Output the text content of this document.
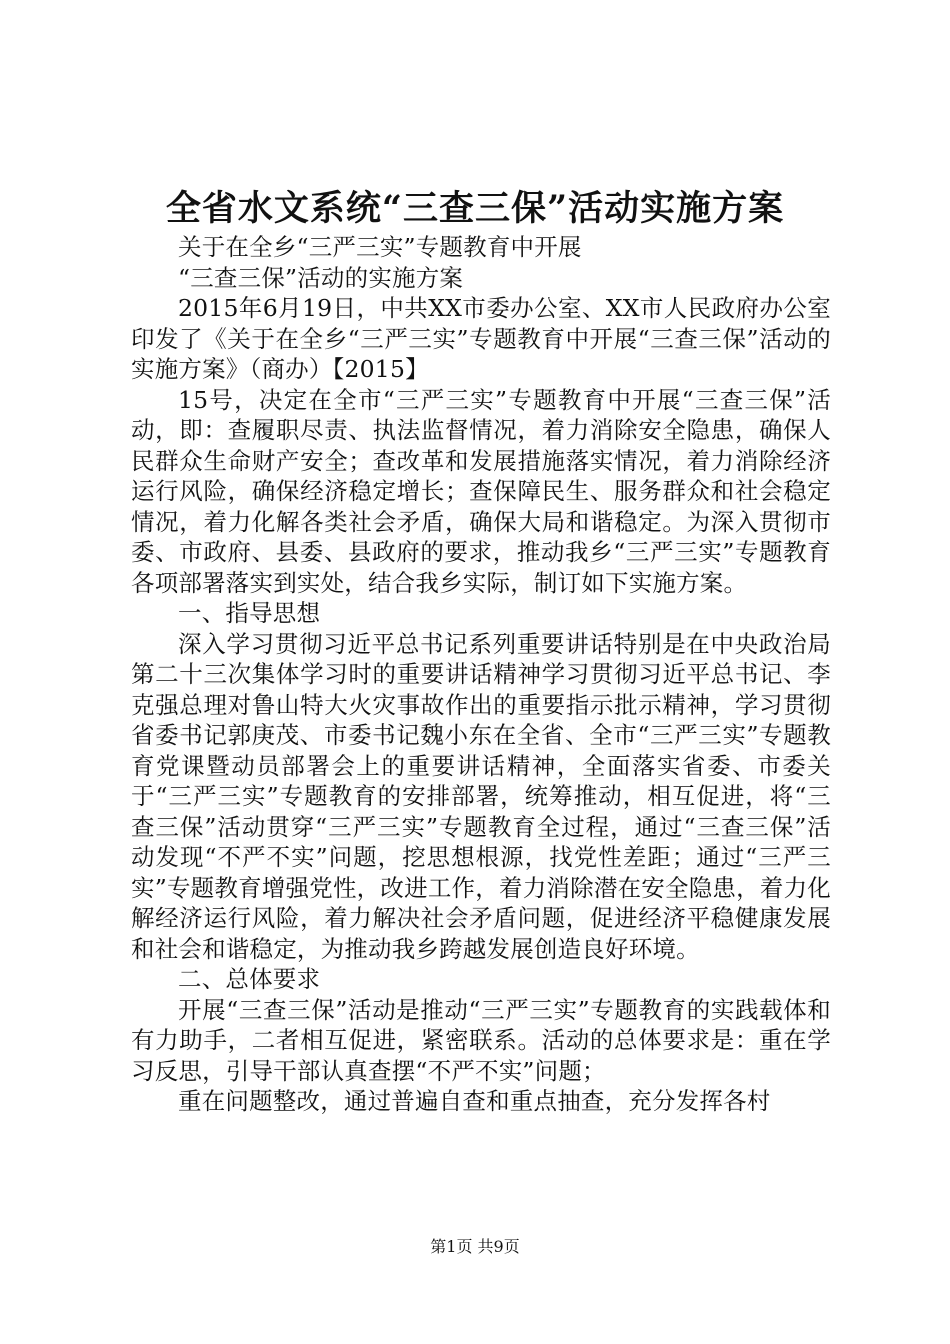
全省水文系统“三查三保”活动实施方案

关于在全乡“三严三实”专题教育中开展

“三查三保”活动的实施方案

2015年6月19日，中共XX市委办公室、XX市人民政府办公室印发了《关于在全乡“三严三实”专题教育中开展“三查三保”活动的实施方案》（商办）【2015】

15号，决定在全市“三严三实”专题教育中开展“三查三保”活动，即：查履职尽责、执法监督情况，着力消除安全隐患，确保人民群众生命财产安全；查改革和发展措施落实情况，着力消除经济运行风险，确保经济稳定增长；查保障民生、服务群众和社会稳定情况，着力化解各类社会矛盾，确保大局和谐稳定。为深入贯彻市委、市政府、县委、县政府的要求，推动我乡“三严三实”专题教育各项部署落实到实处，结合我乡实际，制订如下实施方案。

一、指导思想

深入学习贯彻习近平总书记系列重要讲话特别是在中央政治局第二十三次集体学习时的重要讲话精神学习贯彻习近平总书记、李克强总理对鲁山特大火灾事故作出的重要指示批示精神，学习贯彻省委书记郭庚茂、市委书记魏小东在全省、全市“三严三实”专题教育党课暨动员部署会上的重要讲话精神，全面落实省委、市委关于“三严三实”专题教育的安排部署，统筹推动，相互促进，将“三查三保”活动贯穿“三严三实”专题教育全过程，通过“三查三保”活动发现“不严不实”问题，挖思想根源，找党性差距；通过“三严三实”专题教育增强党性，改进工作，着力消除潜在安全隐患，着力化解经济运行风险，着力解决社会矛盾问题，促进经济平稳健康发展和社会和谐稳定，为推动我乡跨越发展创造良好环境。

二、总体要求

开展“三查三保”活动是推动“三严三实”专题教育的实践载体和有力助手，二者相互促进，紧密联系。活动的总体要求是：重在学习反思，引导干部认真查摆“不严不实”问题；

重在问题整改，通过普遍自查和重点抽查，充分发挥各村

第1页 共9页
